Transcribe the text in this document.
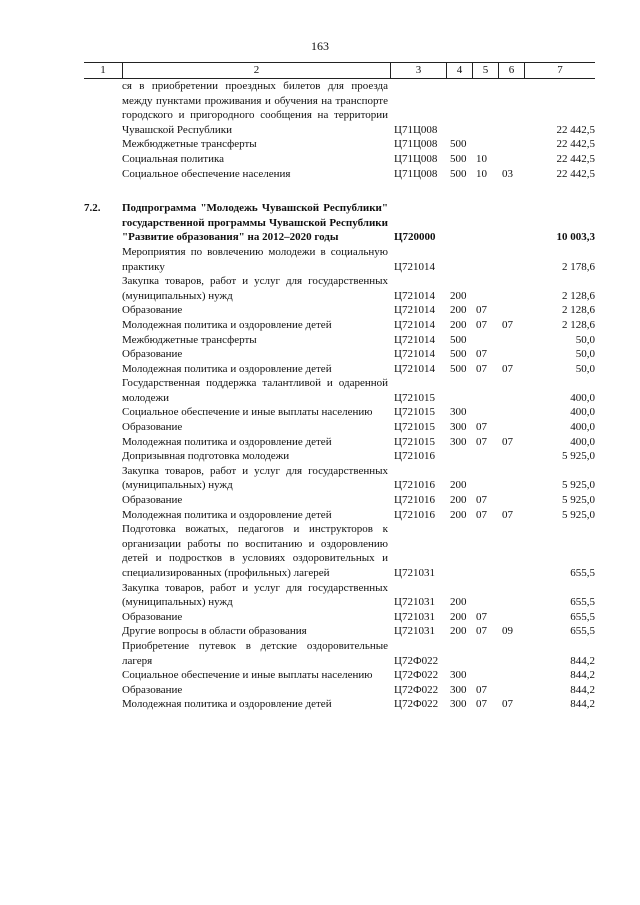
163
1	2	3	4	5	6	7
ся в приобретении проездных билетов для проезда между пунктами проживания и обучения на транспорте городского и пригородного сообщения на территории Чувашской Республики	Ц71Ц008	22 442,5
Межбюджетные трансферты	Ц71Ц008 500	22 442,5
Социальная политика	Ц71Ц008 500 10	22 442,5
Социальное обеспечение населения	Ц71Ц008 500 10 03	22 442,5
7.2.	Подпрограмма "Молодежь Чувашской Республики" государственной программы Чувашской Республики "Развитие образования" на 2012–2020 годы	Ц720000	10 003,3
Мероприятия по вовлечению молодежи в социальную практику	Ц721014	2 178,6
Закупка товаров, работ и услуг для государственных (муниципальных) нужд	Ц721014 200	2 128,6
Образование	Ц721014 200 07	2 128,6
Молодежная политика и оздоровление детей	Ц721014 200 07 07	2 128,6
Межбюджетные трансферты	Ц721014 500	50,0
Образование	Ц721014 500 07	50,0
Молодежная политика и оздоровление детей	Ц721014 500 07 07	50,0
Государственная поддержка талантливой и одаренной молодежи	Ц721015	400,0
Социальное обеспечение и иные выплаты населению	Ц721015 300	400,0
Образование	Ц721015 300 07	400,0
Молодежная политика и оздоровление детей	Ц721015 300 07 07	400,0
Допризывная подготовка молодежи	Ц721016	5 925,0
Закупка товаров, работ и услуг для государственных (муниципальных) нужд	Ц721016 200	5 925,0
Образование	Ц721016 200 07	5 925,0
Молодежная политика и оздоровление детей	Ц721016 200 07 07	5 925,0
Подготовка вожатых, педагогов и инструкторов к организации работы по воспитанию и оздоровлению детей и подростков в условиях оздоровительных и специализированных (профильных) лагерей	Ц721031	655,5
Закупка товаров, работ и услуг для государственных (муниципальных) нужд	Ц721031 200	655,5
Образование	Ц721031 200 07	655,5
Другие вопросы в области образования	Ц721031 200 07 09	655,5
Приобретение путевок в детские оздоровительные лагеря	Ц72Ф022	844,2
Социальное обеспечение и иные выплаты населению	Ц72Ф022 300	844,2
Образование	Ц72Ф022 300 07	844,2
Молодежная политика и оздоровление детей	Ц72Ф022 300 07 07	844,2
